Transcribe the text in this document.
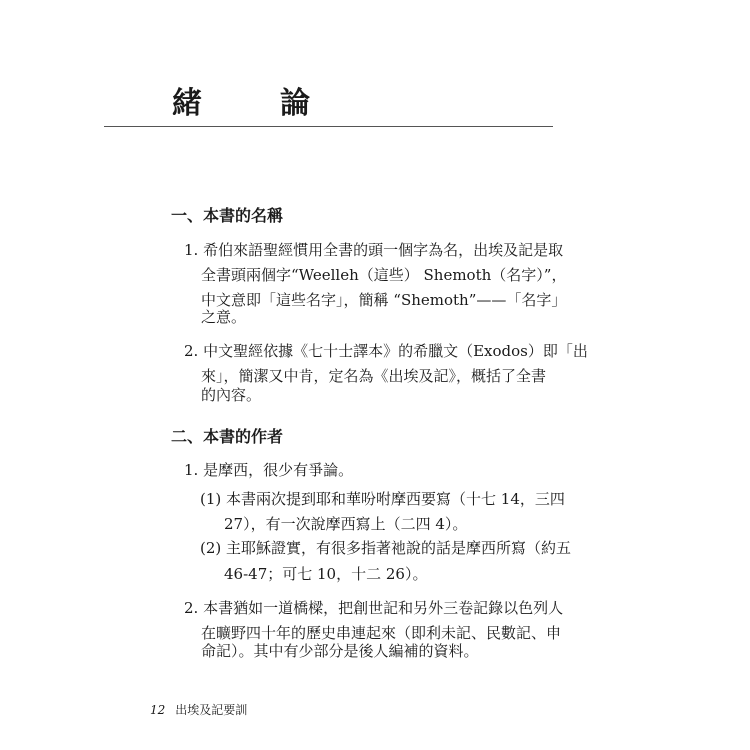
緒　論
一、本書的名稱
1. 希伯來語聖經慣用全書的頭一個字為名，出埃及記是取
全書頭兩個字“Weelleh（這些） Shemoth（名字）”，
中文意即「這些名字」，簡稱 “Shemoth”——「名字」
之意。
2. 中文聖經依據《七十士譯本》的希臘文（Exodos）即「出
來」，簡潔又中肯，定名為《出埃及記》，概括了全書
的內容。
二、本書的作者
1. 是摩西，很少有爭論。
(1) 本書兩次提到耶和華吩咐摩西要寫（十七 14，三四
27），有一次說摩西寫上（二四 4）。
(2) 主耶穌證實，有很多指著祂說的話是摩西所寫（約五
46-47；可七 10，十二 26）。
2. 本書猶如一道橋樑，把創世記和另外三卷記錄以色列人
在曠野四十年的歷史串連起來（即利未記、民數記、申
命記）。其中有少部分是後人編補的資料。
12 出埃及記要訓
